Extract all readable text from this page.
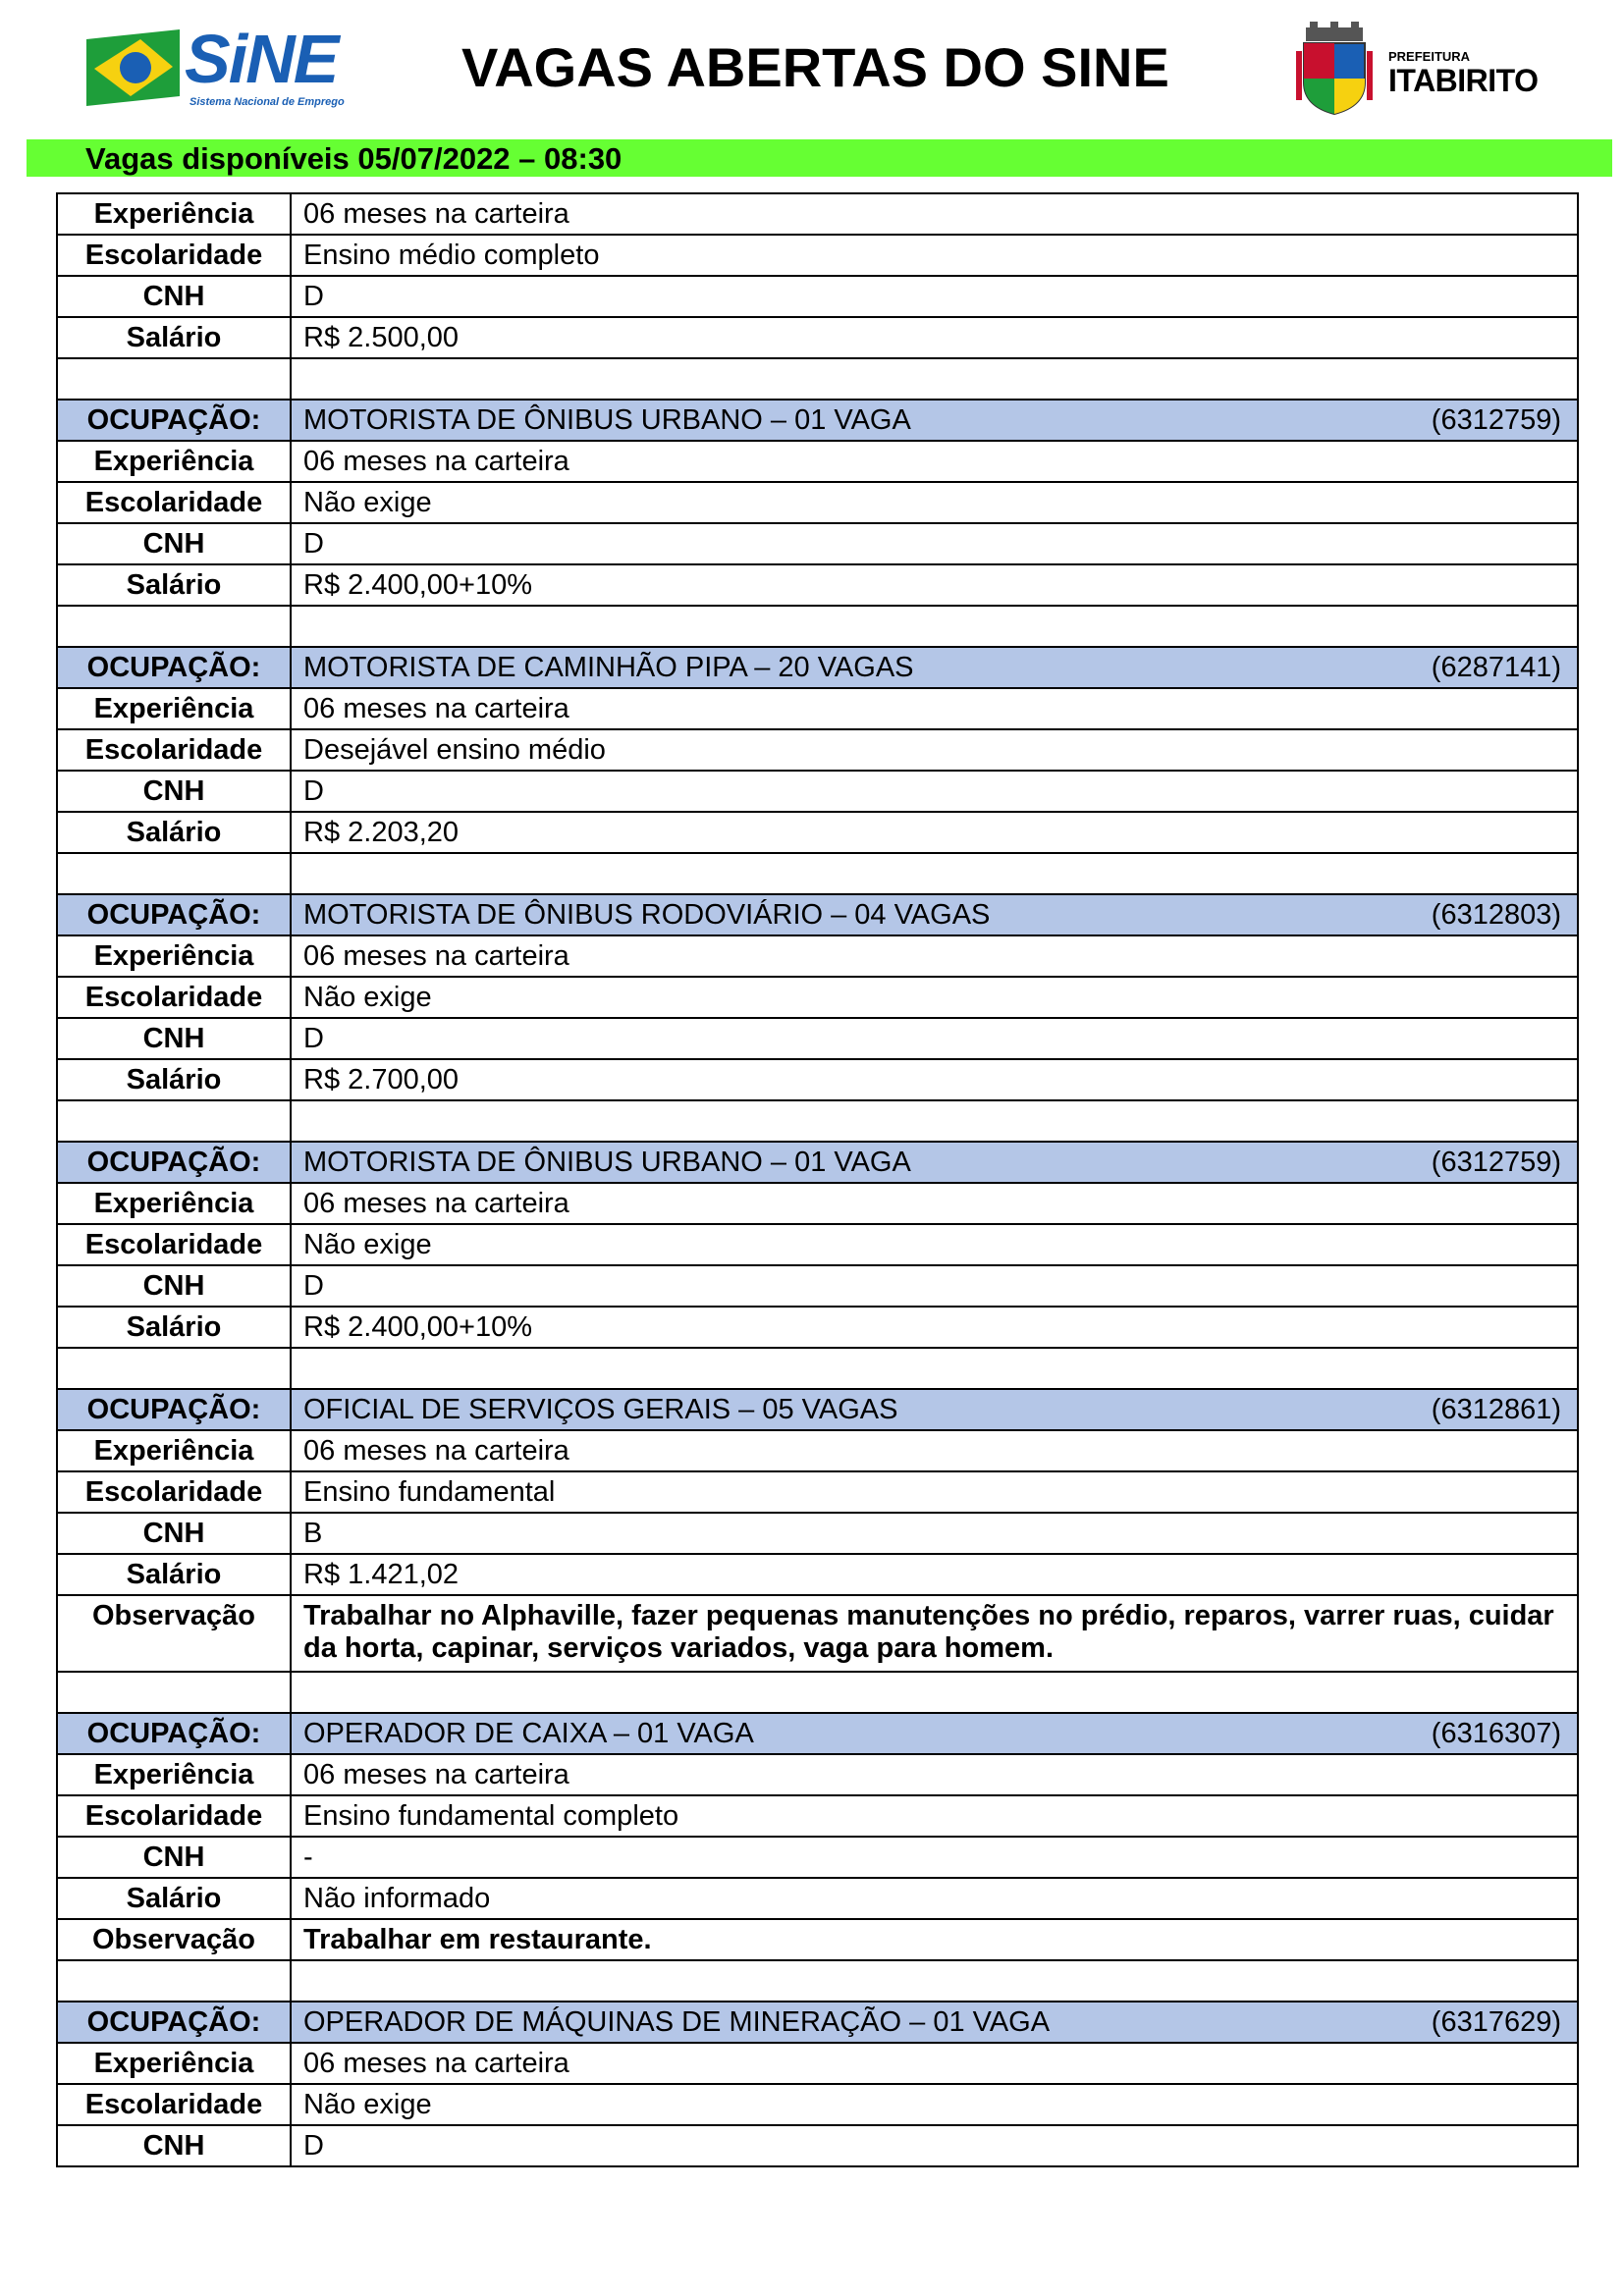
SiNE
Sistema Nacional de Emprego
VAGAS ABERTAS DO SINE	PREFEITURA
ITABIRITO
Vagas disponíveis 05/07/2022 – 08:30
Experiência	06 meses na carteira
Escolaridade	Ensino médio completo
CNH	D
Salário	R$ 2.500,00

OCUPAÇÃO:	MOTORISTA DE ÔNIBUS URBANO – 01 VAGA (6312759)

Experiência	06 meses na carteira
Escolaridade	Não exige
CNH	D
Salário	R$ 2.400,00+10%

OCUPAÇÃO:	MOTORISTA DE CAMINHÃO PIPA – 20 VAGAS (6287141)

Experiência	06 meses na carteira
Escolaridade	Desejável ensino médio
CNH	D
Salário	R$ 2.203,20

OCUPAÇÃO:	MOTORISTA DE ÔNIBUS RODOVIÁRIO – 04 VAGAS (6312803)

Experiência	06 meses na carteira
Escolaridade	Não exige
CNH	D
Salário	R$ 2.700,00

OCUPAÇÃO:	MOTORISTA DE ÔNIBUS URBANO – 01 VAGA (6312759)

Experiência	06 meses na carteira
Escolaridade	Não exige
CNH	D
Salário	R$ 2.400,00+10%

OCUPAÇÃO:	OFICIAL DE SERVIÇOS GERAIS – 05 VAGAS (6312861)

Experiência	06 meses na carteira
Escolaridade	Ensino fundamental
CNH	B
Salário	R$ 1.421,02
Observação	Trabalhar no Alphaville, fazer pequenas manutenções no prédio, reparos, varrer ruas, cuidar da horta, capinar, serviços variados, vaga para homem.

OCUPAÇÃO:	OPERADOR DE CAIXA – 01 VAGA (6316307)

Experiência	06 meses na carteira
Escolaridade	Ensino fundamental completo
CNH	-
Salário	Não informado
Observação	Trabalhar em restaurante.

OCUPAÇÃO:	OPERADOR DE MÁQUINAS DE MINERAÇÃO – 01 VAGA (6317629)

Experiência	06 meses na carteira
Escolaridade	Não exige
CNH	D
